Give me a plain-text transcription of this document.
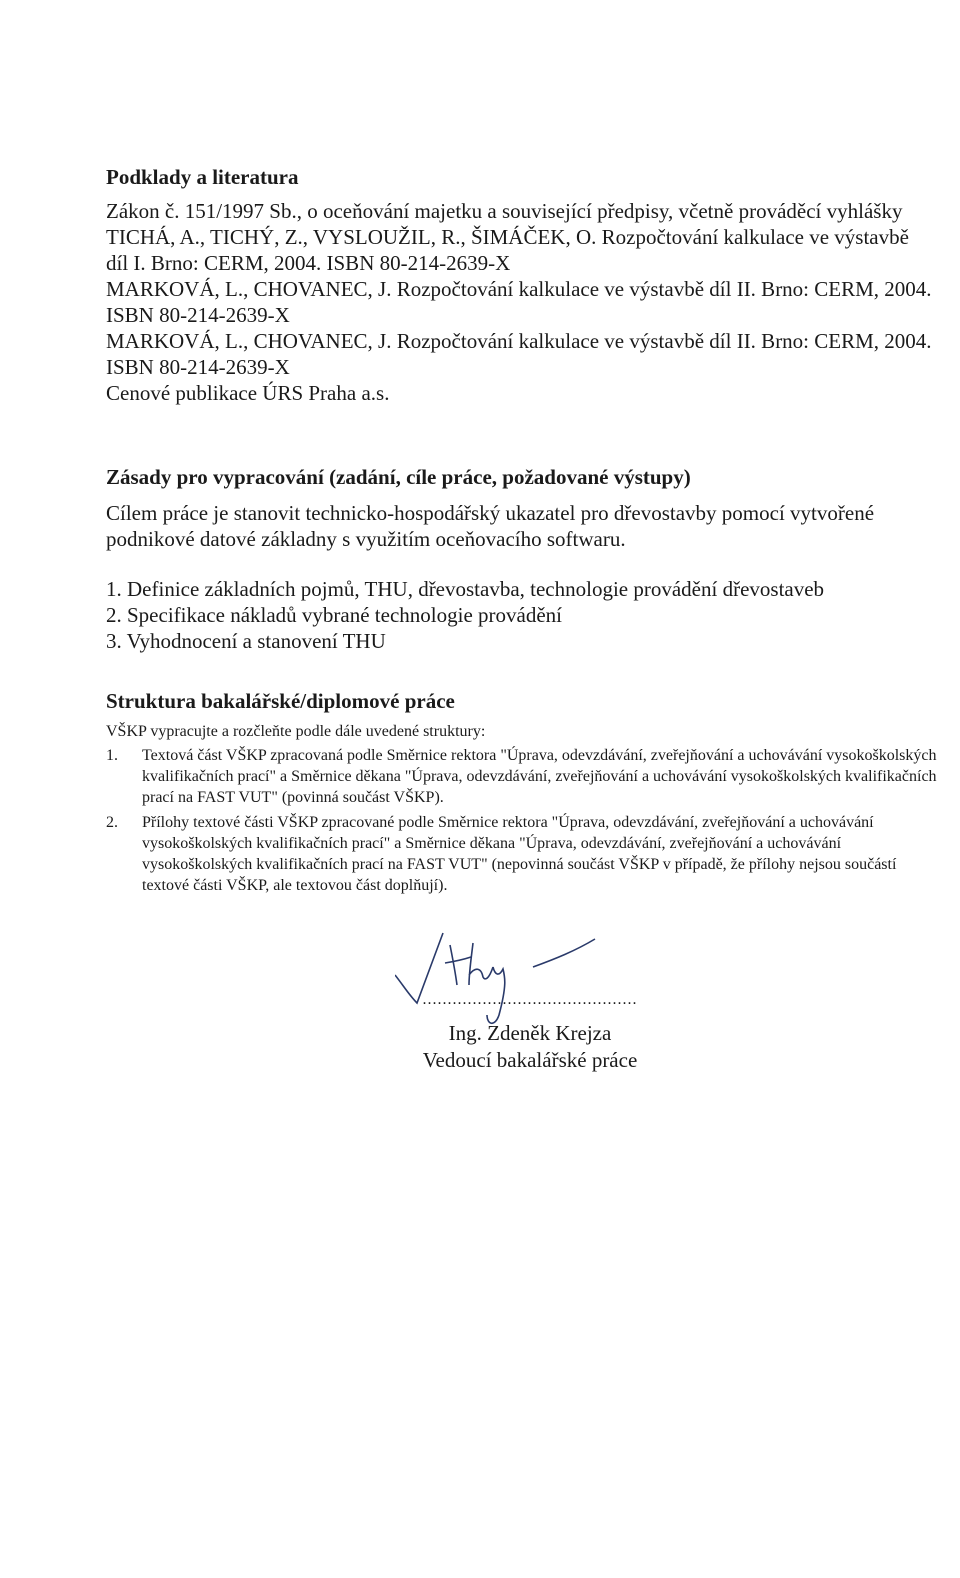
Podklady a literatura

Zákon č. 151/1997 Sb., o oceňování majetku a související předpisy, včetně prováděcí vyhlášky

TICHÁ, A., TICHÝ, Z., VYSLOUŽIL, R., ŠIMÁČEK, O. Rozpočtování kalkulace ve výstavbě díl I. Brno: CERM, 2004. ISBN 80-214-2639-X

MARKOVÁ, L., CHOVANEC, J. Rozpočtování kalkulace ve výstavbě díl II. Brno: CERM, 2004. ISBN 80-214-2639-X

MARKOVÁ, L., CHOVANEC, J. Rozpočtování kalkulace ve výstavbě díl II. Brno: CERM, 2004. ISBN 80-214-2639-X

Cenové publikace ÚRS Praha a.s.

Zásady pro vypracování (zadání, cíle práce, požadované výstupy)

Cílem práce je stanovit technicko-hospodářský ukazatel pro dřevostavby pomocí vytvořené podnikové datové základny s využitím oceňovacího softwaru.

1. Definice základních pojmů, THU, dřevostavba, technologie provádění dřevostaveb

2. Specifikace nákladů vybrané technologie provádění

3. Vyhodnocení a stanovení THU

Struktura bakalářské/diplomové práce

VŠKP vypracujte a rozčleňte podle dále uvedené struktury:

1. Textová část VŠKP zpracovaná podle Směrnice rektora "Úprava, odevzdávání, zveřejňování a uchovávání vysokoškolských kvalifikačních prací" a Směrnice děkana "Úprava, odevzdávání, zveřejňování a uchovávání vysokoškolských kvalifikačních prací na FAST VUT" (povinná součást VŠKP).
2. Přílohy textové části VŠKP zpracované podle Směrnice rektora "Úprava, odevzdávání, zveřejňování a uchovávání vysokoškolských kvalifikačních prací" a Směrnice děkana "Úprava, odevzdávání, zveřejňování a uchovávání vysokoškolských kvalifikačních prací na FAST VUT" (nepovinná součást VŠKP v případě, že přílohy nejsou součástí textové části VŠKP, ale textovou část doplňují).

...........................................

Ing. Zdeněk Krejza

Vedoucí bakalářské práce
